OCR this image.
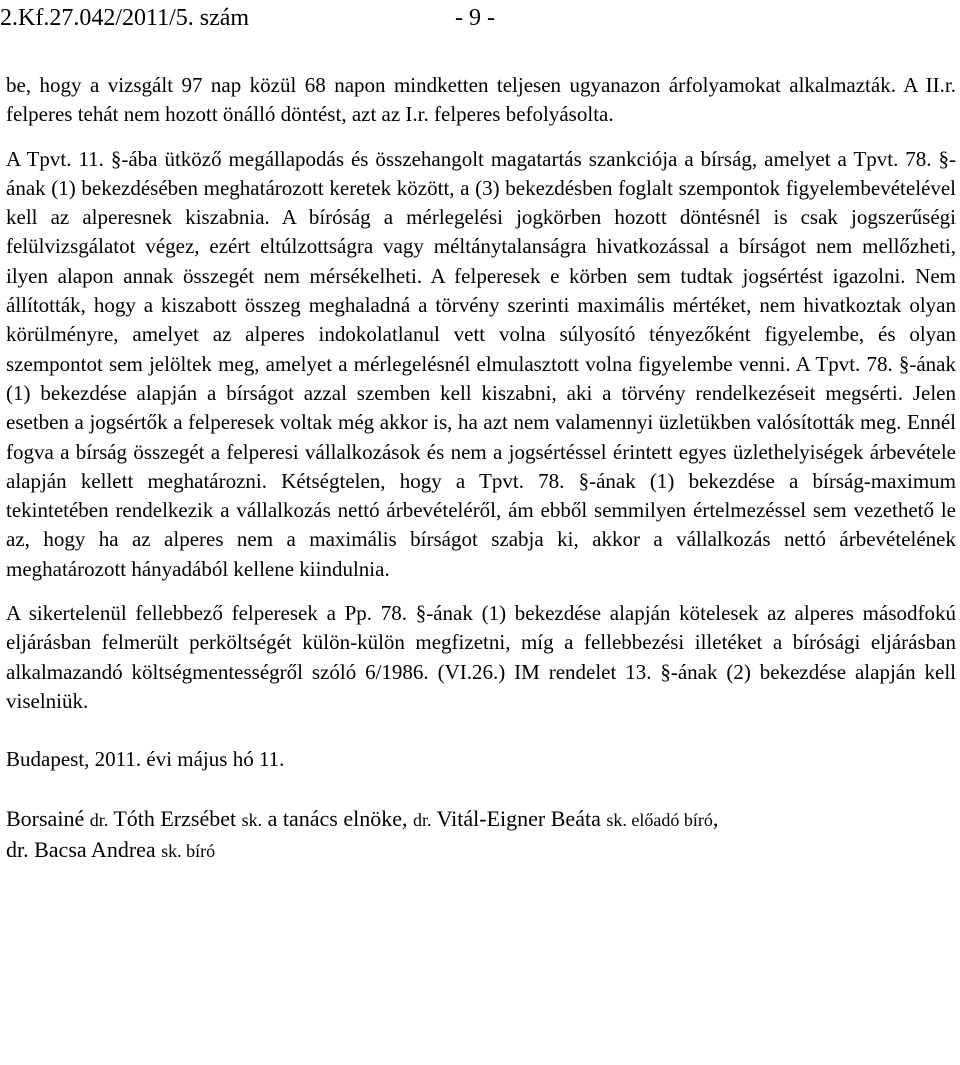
2.Kf.27.042/2011/5. szám	- 9 -

be, hogy a vizsgált 97 nap közül 68 napon mindketten teljesen ugyanazon árfolyamokat alkalmazták. A II.r. felperes tehát nem hozott önálló döntést, azt az I.r. felperes befolyásolta.

A Tpvt. 11. §-ába ütköző megállapodás és összehangolt magatartás szankciója a bírság, amelyet a Tpvt. 78. §-ának (1) bekezdésében meghatározott keretek között, a (3) bekezdésben foglalt szempontok figyelembevételével kell az alperesnek kiszabnia. A bíróság a mérlegelési jogkörben hozott döntésnél is csak jogszerűségi felülvizsgálatot végez, ezért eltúlzottságra vagy méltánytalanságra hivatkozással a bírságot nem mellőzheti, ilyen alapon annak összegét nem mérsékelheti. A felperesek e körben sem tudtak jogsértést igazolni. Nem állították, hogy a kiszabott összeg meghaladná a törvény szerinti maximális mértéket, nem hivatkoztak olyan körülményre, amelyet az alperes indokolatlanul vett volna súlyosító tényezőként figyelembe, és olyan szempontot sem jelöltek meg, amelyet a mérlegelésnél elmulasztott volna figyelembe venni. A Tpvt. 78. §-ának (1) bekezdése alapján a bírságot azzal szemben kell kiszabni, aki a törvény rendelkezéseit megsérti. Jelen esetben a jogsértők a felperesek voltak még akkor is, ha azt nem valamennyi üzletükben valósították meg. Ennél fogva a bírság összegét a felperesi vállalkozások és nem a jogsértéssel érintett egyes üzlethelyiségek árbevétele alapján kellett meghatározni. Kétségtelen, hogy a Tpvt. 78. §-ának (1) bekezdése a bírság-maximum tekintetében rendelkezik a vállalkozás nettó árbevételéről, ám ebből semmilyen értelmezéssel sem vezethető le az, hogy ha az alperes nem a maximális bírságot szabja ki, akkor a vállalkozás nettó árbevételének meghatározott hányadából kellene kiindulnia.

A sikertelenül fellebbező felperesek a Pp. 78. §-ának (1) bekezdése alapján kötelesek az alperes másodfokú eljárásban felmerült perköltségét külön-külön megfizetni, míg a fellebbezési illetéket a bírósági eljárásban alkalmazandó költségmentességről szóló 6/1986. (VI.26.) IM rendelet 13. §-ának (2) bekezdése alapján kell viselniük.

Budapest, 2011. évi május hó 11.

Borsainé dr. Tóth Erzsébet sk. a tanács elnöke, dr. Vitál-Eigner Beáta sk. előadó bíró,

dr. Bacsa Andrea sk. bíró
